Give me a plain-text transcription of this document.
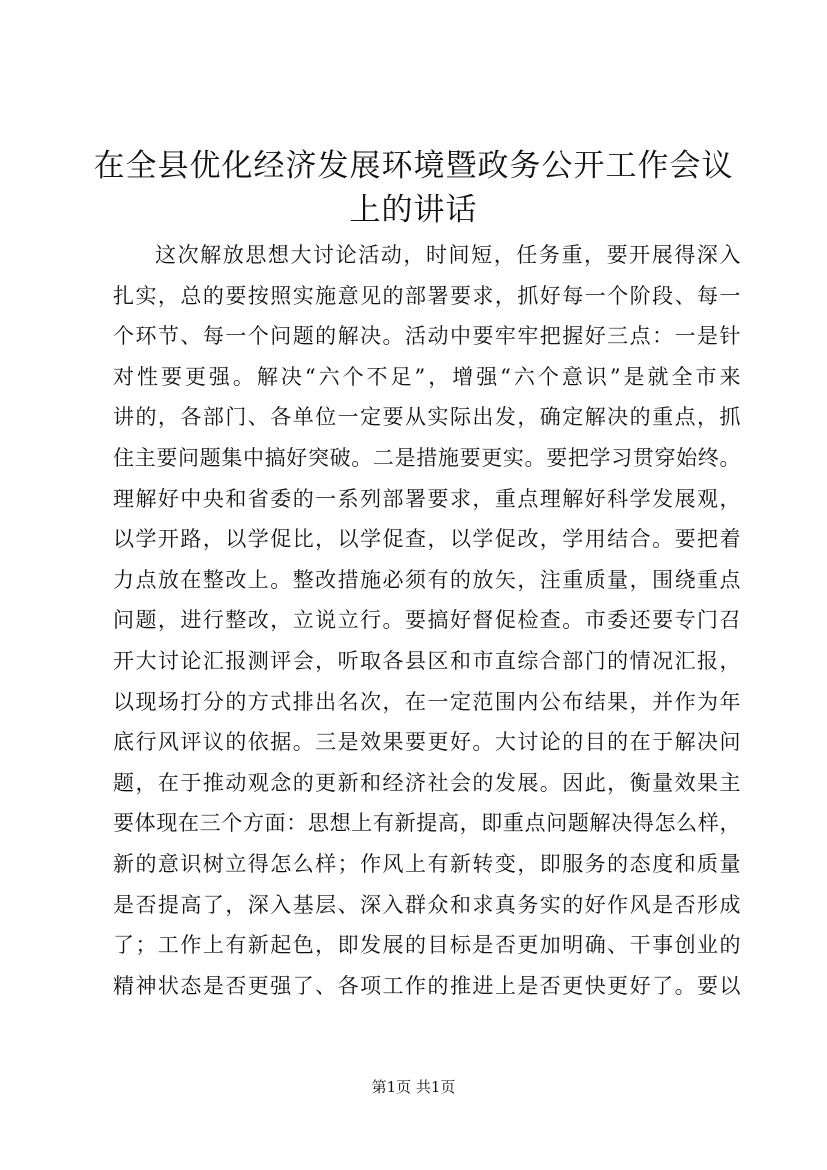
在全县优化经济发展环境暨政务公开工作会议
上的讲话
这次解放思想大讨论活动，时间短，任务重，要开展得深入
扎实，总的要按照实施意见的部署要求，抓好每一个阶段、每一
个环节、每一个问题的解决。活动中要牢牢把握好三点：一是针
对性要更强。解决“六个不足”，增强“六个意识”是就全市来
讲的，各部门、各单位一定要从实际出发，确定解决的重点，抓
住主要问题集中搞好突破。二是措施要更实。要把学习贯穿始终。
理解好中央和省委的一系列部署要求，重点理解好科学发展观，
以学开路，以学促比，以学促查，以学促改，学用结合。要把着
力点放在整改上。整改措施必须有的放矢，注重质量，围绕重点
问题，进行整改，立说立行。要搞好督促检查。市委还要专门召
开大讨论汇报测评会，听取各县区和市直综合部门的情况汇报，
以现场打分的方式排出名次，在一定范围内公布结果，并作为年
底行风评议的依据。三是效果要更好。大讨论的目的在于解决问
题，在于推动观念的更新和经济社会的发展。因此，衡量效果主
要体现在三个方面：思想上有新提高，即重点问题解决得怎么样，
新的意识树立得怎么样；作风上有新转变，即服务的态度和质量
是否提高了，深入基层、深入群众和求真务实的好作风是否形成
了；工作上有新起色，即发展的目标是否更加明确、干事创业的
精神状态是否更强了、各项工作的推进上是否更快更好了。要以
第1页 共1页
